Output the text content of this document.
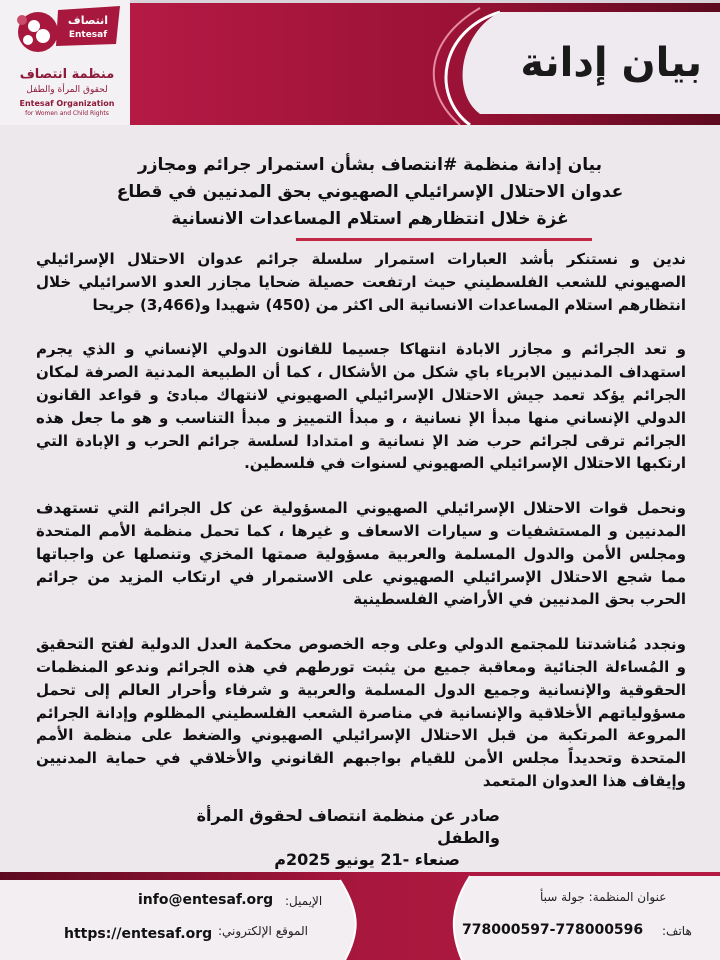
بيان إدانة
انتصاف
Entesaf
منظمة انتصاف
لحقوق المرأة والطفل
Entesaf Organization
for Women and Child Rights
بيان إدانة منظمة #انتصاف بشأن استمرار جرائم ومجازر عدوان الاحتلال الإسرائيلي الصهيوني بحق المدنيين في قطاع غزة خلال انتظارهم استلام المساعدات الانسانية

ندين و نستنكر بأشد العبارات استمرار سلسلة جرائم عدوان الاحتلال الإسرائيلي الصهيوني للشعب الفلسطيني حيث ارتفعت حصيلة ضحايا مجازر العدو الاسرائيلي خلال انتظارهم استلام المساعدات الانسانية الى اكثر من (450) شهيدا و(3,466) جريحا

و تعد الجرائم و مجازر الابادة انتهاكا جسيما للقانون الدولي الإنساني و الذي يجرم استهداف المدنيين الابرياء باي شكل من الأشكال ، كما أن الطبيعة المدنية الصرفة لمكان الجرائم يؤكد تعمد جيش الاحتلال الإسرائيلي الصهيوني لانتهاك مبادئ و قواعد القانون الدولي الإنساني منها مبدأ الإ نسانية ، و مبدأ التمييز و مبدأ التناسب و هو ما جعل هذه الجرائم ترقى لجرائم حرب ضد الإ نسانية و امتدادا لسلسة جرائم الحرب و الإبادة التي ارتكبها الاحتلال الإسرائيلي الصهيوني لسنوات في فلسطين.

ونحمل قوات الاحتلال الإسرائيلي الصهيوني المسؤولية عن كل الجرائم التي تستهدف المدنيين و المستشفيات و سيارات الاسعاف و غيرها ، كما تحمل منظمة الأمم المتحدة ومجلس الأمن والدول المسلمة والعربية مسؤولية صمتها المخزي وتنصلها عن واجباتها مما شجع الاحتلال الإسرائيلي الصهيوني على الاستمرار في ارتكاب المزيد من جرائم الحرب بحق المدنيين في الأراضي الفلسطينية

ونجدد مُناشدتنا للمجتمع الدولي وعلى وجه الخصوص محكمة العدل الدولية لفتح التحقيق و المُساءلة الجنائية ومعاقبة جميع من يثبت تورطهم في هذه الجرائم وندعو المنظمات الحقوقية والإنسانية وجميع الدول المسلمة والعربية و شرفاء وأحرار العالم إلى تحمل مسؤولياتهم الأخلاقية والإنسانية في مناصرة الشعب الفلسطيني المظلوم وإدانة الجرائم المروعة المرتكبة من قبل الاحتلال الإسرائيلي الصهيوني والضغط على منظمة الأمم المتحدة وتحديداً مجلس الأمن للقيام بواجبهم القانوني والأخلاقي في حماية المدنيين وإيقاف هذا العدوان المتعمد

صادر عن منظمة انتصاف لحقوق المرأة والطفل
صنعاء -21 يونيو 2025م
الإيميل:
info@entesaf.org
الموقع الإلكتروني:
https://entesaf.org
عنوان المنظمة: جولة سبأ
هاتف:
778000597-778000596
